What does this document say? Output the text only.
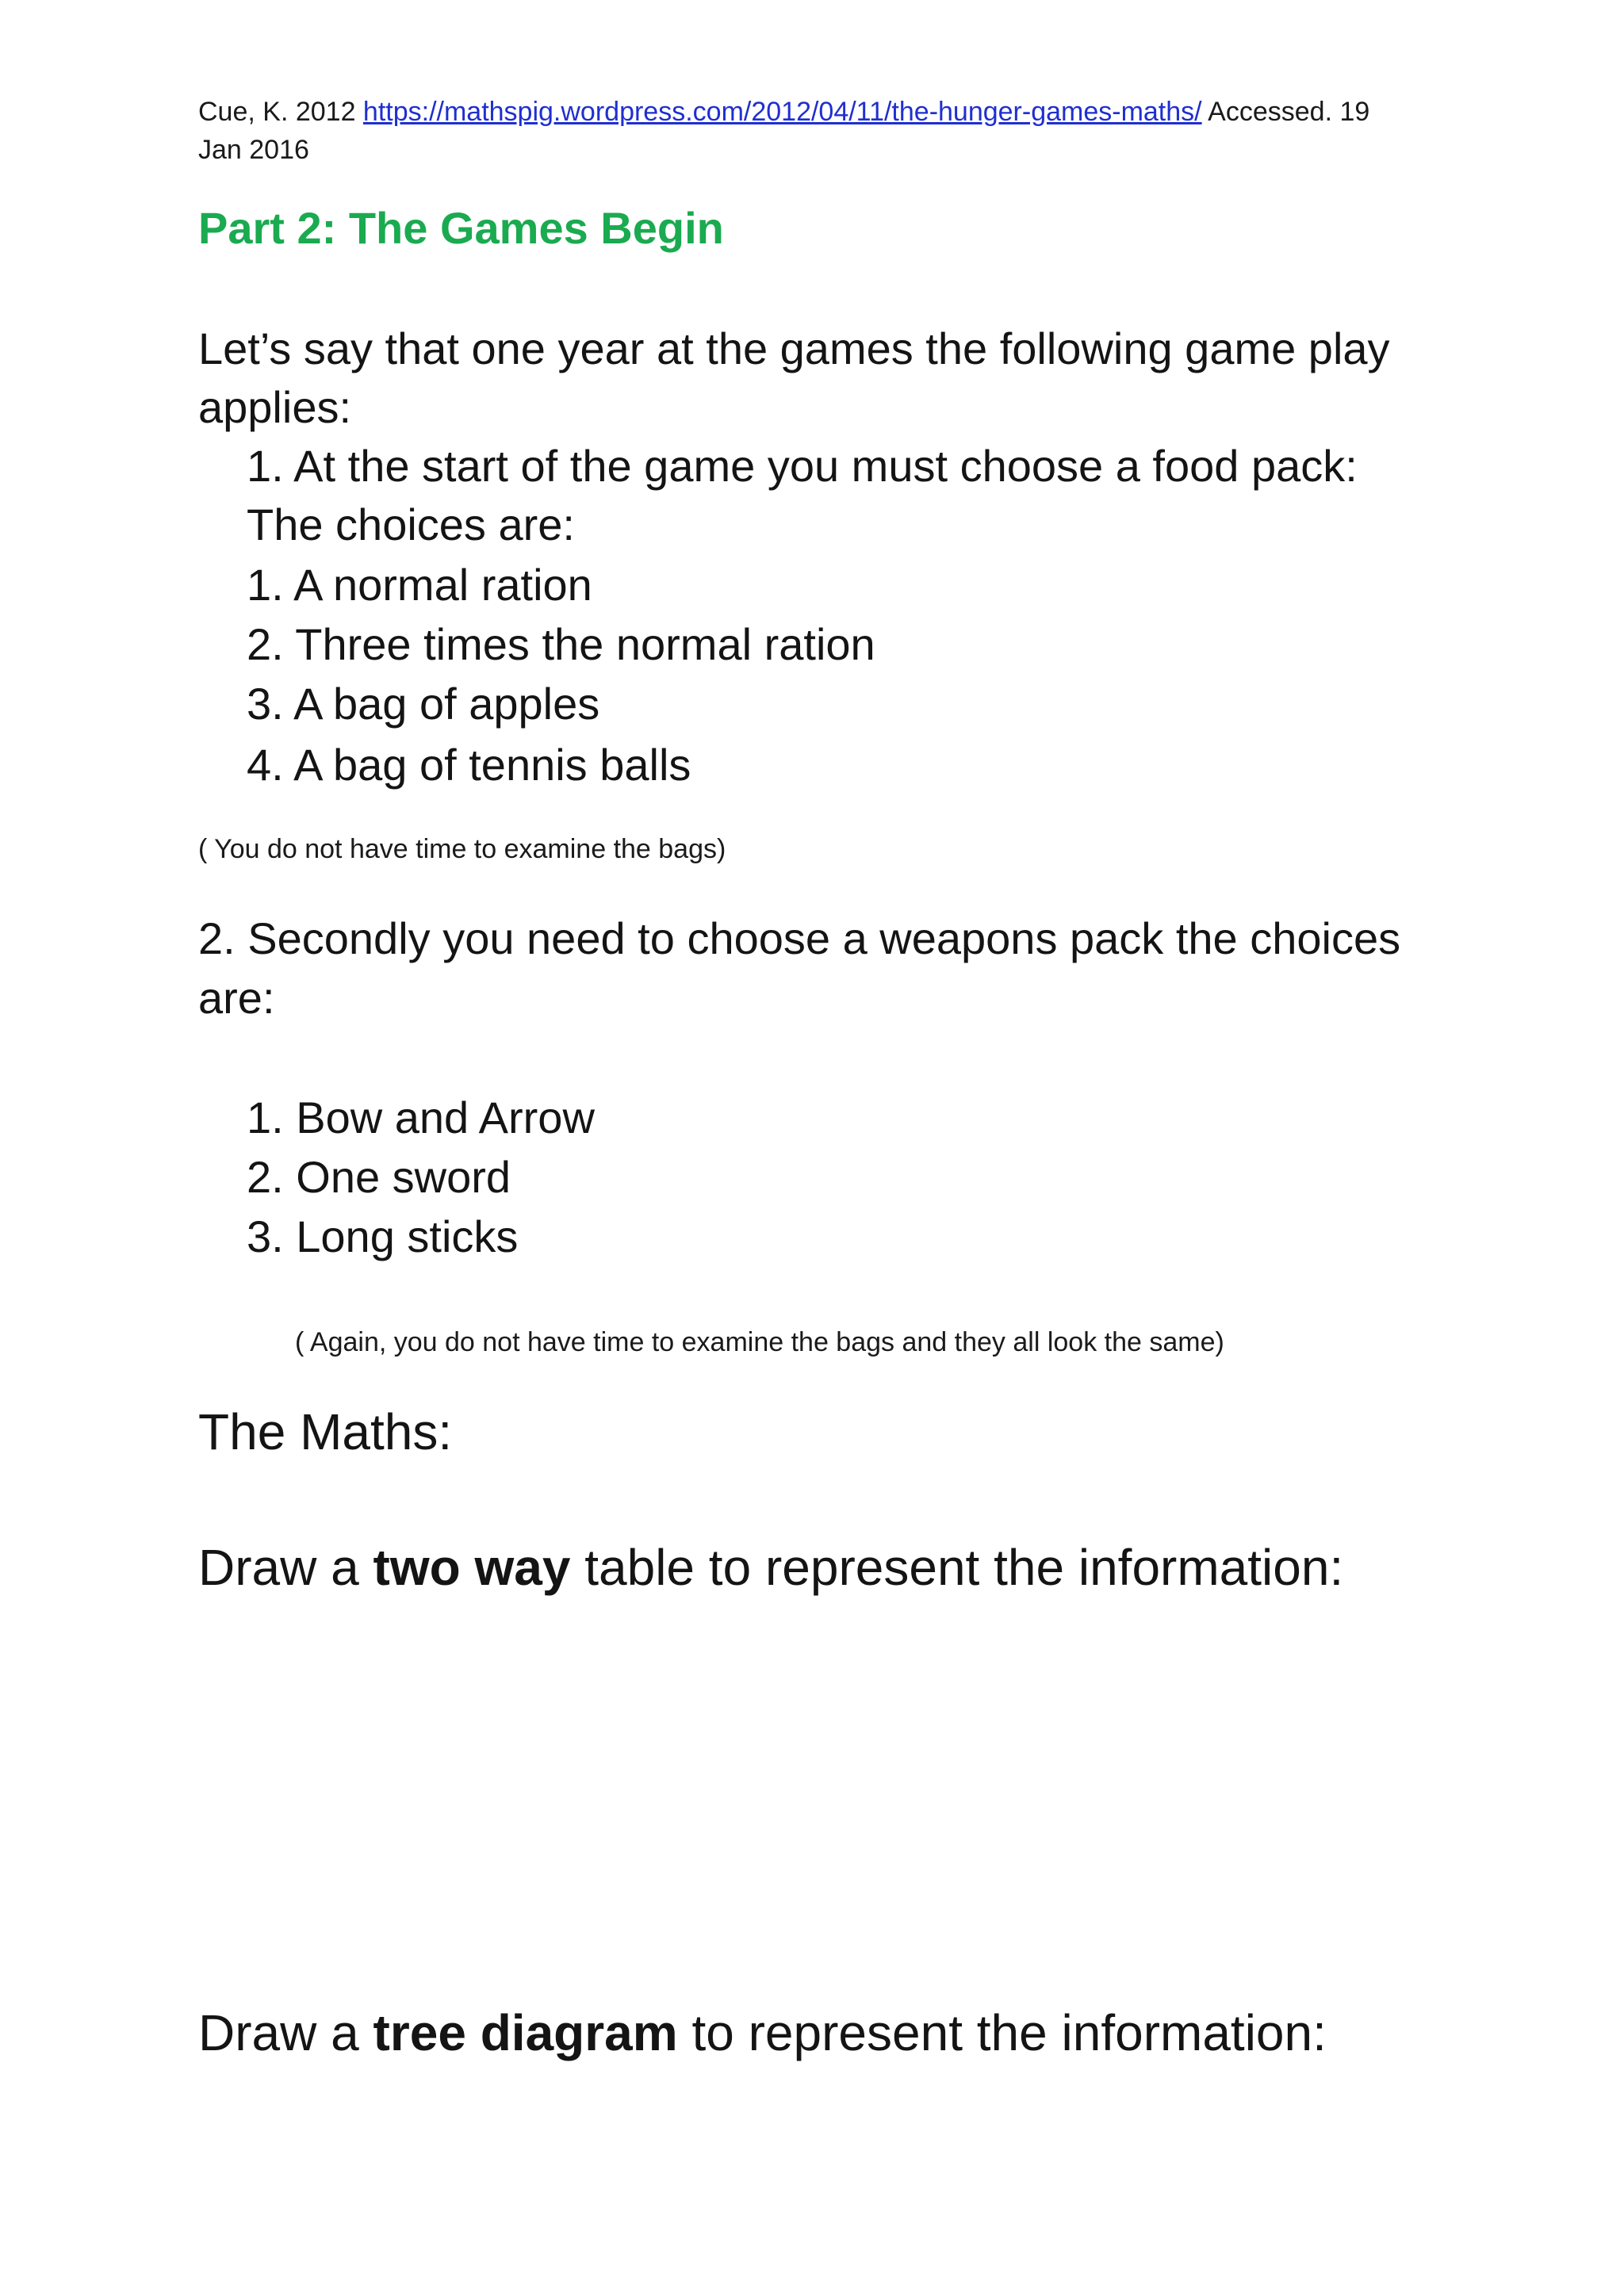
Cue, K. 2012 https://mathspig.wordpress.com/2012/04/11/the-hunger-games-maths/ Accessed. 19
Jan 2016
Part 2: The Games Begin
Let’s say that one year at the games the following game play
applies:
1. At the start of the game you must choose a food pack:
The choices are:
1. A normal ration
2. Three times the normal ration
3. A bag of apples
4. A bag of tennis balls
( You do not have time to examine the bags)
2. Secondly you need to choose a weapons pack the choices
are:
1. Bow and Arrow
2. One sword
3. Long sticks
( Again, you do not have time to examine the bags and they all look the same)
The Maths:
Draw a two way table to represent the information:
Draw a tree diagram to represent the information:
